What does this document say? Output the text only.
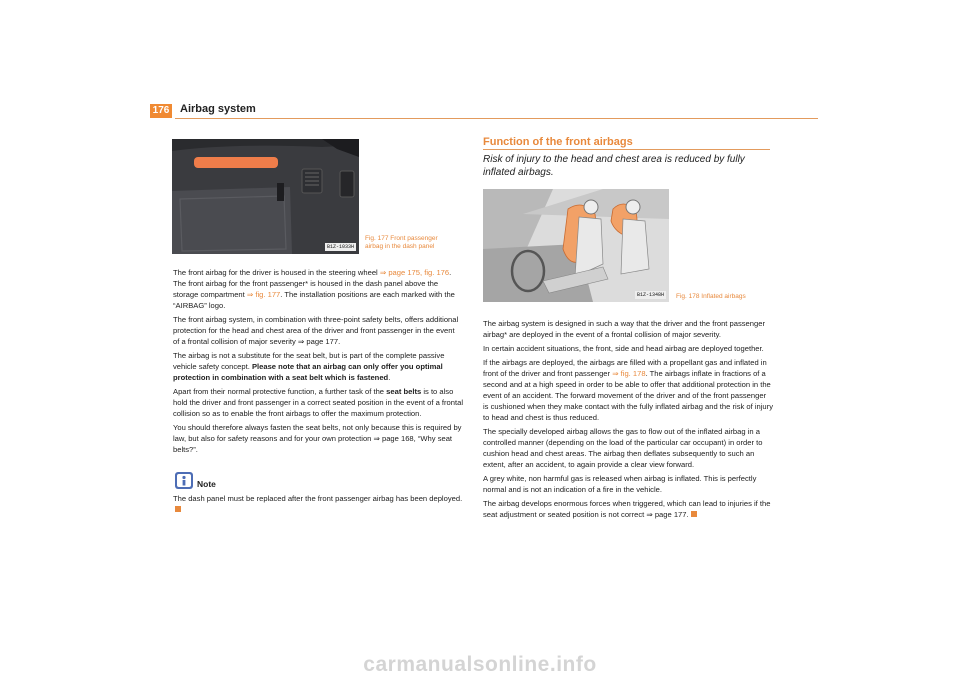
176 Airbag system
B1Z-1033H
Fig. 177 Front passenger airbag in the dash panel

The front airbag for the driver is housed in the steering wheel ⇒ page 175, fig. 176. The front airbag for the front passenger* is housed in the dash panel above the storage compartment ⇒ fig. 177. The installation positions are each marked with the “AIRBAG” logo.

The front airbag system, in combination with three-point safety belts, offers additional protection for the head and chest area of the driver and front passenger in the event of a frontal collision of major severity ⇒ page 177.

The airbag is not a substitute for the seat belt, but is part of the complete passive vehicle safety concept. Please note that an airbag can only offer you optimal protection in combination with a seat belt which is fastened.

Apart from their normal protective function, a further task of the seat belts is to also hold the driver and front passenger in a correct seated position in the event of a frontal collision so as to enable the front airbags to offer the maximum protection.

You should therefore always fasten the seat belts, not only because this is required by law, but also for safety reasons and for your own protection ⇒ page 168, “Why seat belts?”.

Note
The dash panel must be replaced after the front passenger airbag has been deployed.
Function of the front airbags
Risk of injury to the head and chest area is reduced by fully inflated airbags.
B1Z-1348H	Fig. 178 Inflated airbags

The airbag system is designed in such a way that the driver and the front passenger airbag* are deployed in the event of a frontal collision of major severity.

In certain accident situations, the front, side and head airbag are deployed together.

If the airbags are deployed, the airbags are filled with a propellant gas and inflated in front of the driver and front passenger ⇒ fig. 178. The airbags inflate in fractions of a second and at a high speed in order to be able to offer that additional protection in the event of an accident. The forward movement of the driver and of the front passenger is cushioned when they make contact with the fully inflated airbag and the risk of injury to head and chest is thus reduced.

The specially developed airbag allows the gas to flow out of the inflated airbag in a controlled manner (depending on the load of the particular car occupant) in order to cushion head and chest areas. The airbag then deflates subsequently to such an extent, after an accident, to again provide a clear view forward.

A grey white, non harmful gas is released when airbag is inflated. This is perfectly normal and is not an indication of a fire in the vehicle.

The airbag develops enormous forces when triggered, which can lead to injuries if the seat adjustment or seated position is not correct ⇒ page 177.

carmanualsonline.info
